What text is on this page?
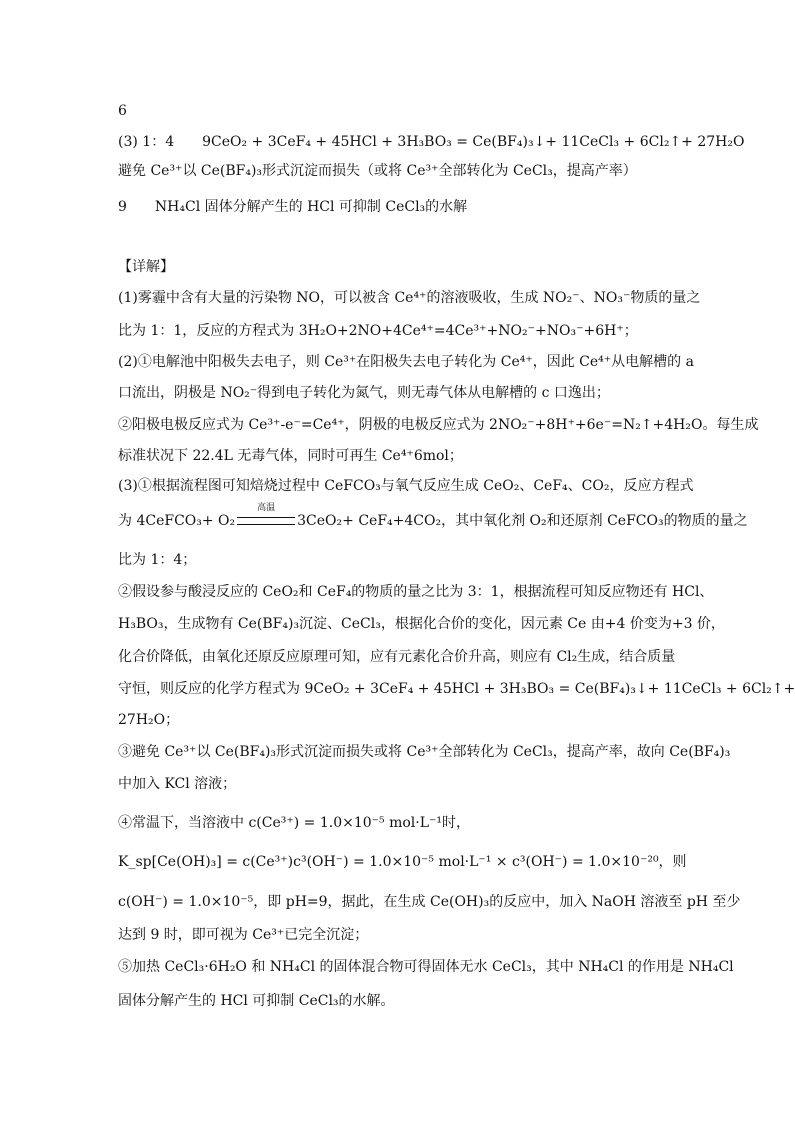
6
(3) 1：4　　9CeO₂ + 3CeF₄ + 45HCl + 3H₃BO₃ = Ce(BF₄)₃↓+ 11CeCl₃ + 6Cl₂↑+ 27H₂O
避免 Ce³⁺以 Ce(BF₄)₃形式沉淀而损失（或将 Ce³⁺全部转化为 CeCl₃，提高产率）
9　　NH₄Cl 固体分解产生的 HCl 可抑制 CeCl₃的水解
【详解】
(1)雾霾中含有大量的污染物 NO，可以被含 Ce⁴⁺的溶液吸收，生成 NO₂⁻、NO₃⁻物质的量之
比为 1：1，反应的方程式为 3H₂O+2NO+4Ce⁴⁺=4Ce³⁺+NO₂⁻+NO₃⁻+6H⁺；
(2)①电解池中阳极失去电子，则 Ce³⁺在阳极失去电子转化为 Ce⁴⁺，因此 Ce⁴⁺从电解槽的 a
口流出，阴极是 NO₂⁻得到电子转化为氮气，则无毒气体从电解槽的 c 口逸出；
②阳极电极反应式为 Ce³⁺-e⁻=Ce⁴⁺，阴极的电极反应式为 2NO₂⁻+8H⁺+6e⁻=N₂↑+4H₂O。每生成
标准状况下 22.4L 无毒气体，同时可再生 Ce⁴⁺6mol；
(3)①根据流程图可知焙烧过程中 CeFCO₃与氧气反应生成 CeO₂、CeF₄、CO₂，反应方程式
为 4CeFCO₃+ O₂
高温
3CeO₂+ CeF₄+4CO₂，其中氧化剂 O₂和还原剂 CeFCO₃的物质的量之
比为 1：4；
②假设参与酸浸反应的 CeO₂和 CeF₄的物质的量之比为 3：1，根据流程可知反应物还有 HCl、
H₃BO₃，生成物有 Ce(BF₄)₃沉淀、CeCl₃，根据化合价的变化，因元素 Ce 由+4 价变为+3 价，
化合价降低，由氧化还原反应原理可知，应有元素化合价升高，则应有 Cl₂生成，结合质量
守恒，则反应的化学方程式为 9CeO₂ + 3CeF₄ + 45HCl + 3H₃BO₃ = Ce(BF₄)₃↓+ 11CeCl₃ + 6Cl₂↑+
27H₂O；
③避免 Ce³⁺以 Ce(BF₄)₃形式沉淀而损失或将 Ce³⁺全部转化为 CeCl₃，提高产率，故向 Ce(BF₄)₃
中加入 KCl 溶液；
④常温下，当溶液中 c(Ce³⁺) = 1.0×10⁻⁵ mol·L⁻¹时，
K_sp[Ce(OH)₃] = c(Ce³⁺)c³(OH⁻) = 1.0×10⁻⁵ mol·L⁻¹ × c³(OH⁻) = 1.0×10⁻²⁰，则
c(OH⁻) = 1.0×10⁻⁵，即 pH=9，据此，在生成 Ce(OH)₃的反应中，加入 NaOH 溶液至 pH 至少
达到 9 时，即可视为 Ce³⁺已完全沉淀；
⑤加热 CeCl₃·6H₂O 和 NH₄Cl 的固体混合物可得固体无水 CeCl₃，其中 NH₄Cl 的作用是 NH₄Cl
固体分解产生的 HCl 可抑制 CeCl₃的水解。
